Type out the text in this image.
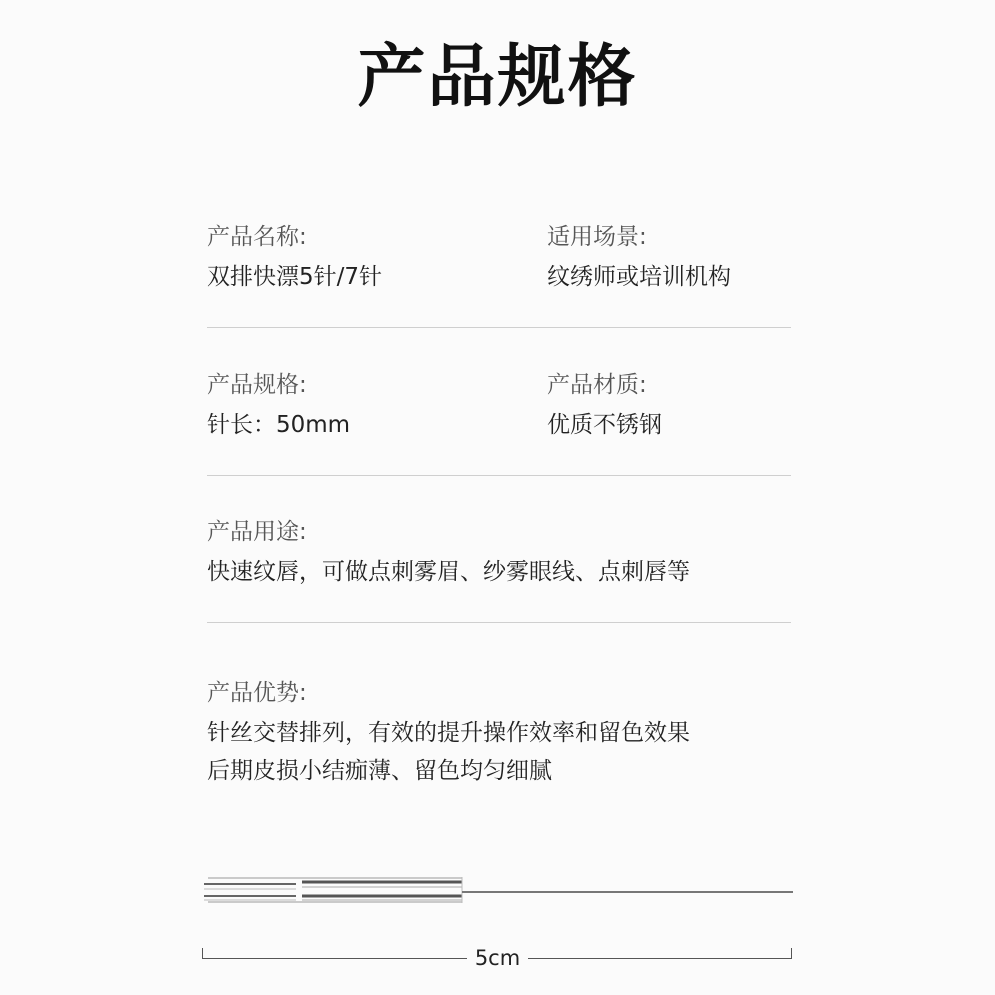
产品规格
产品名称:
双排快漂5针/7针
适用场景:
纹绣师或培训机构
产品规格:
针长：50mm
产品材质:
优质不锈钢
产品用途:
快速纹唇，可做点刺雾眉、纱雾眼线、点刺唇等
产品优势:
针丝交替排列，有效的提升操作效率和留色效果
后期皮损小结痂薄、留色均匀细腻
5cm
